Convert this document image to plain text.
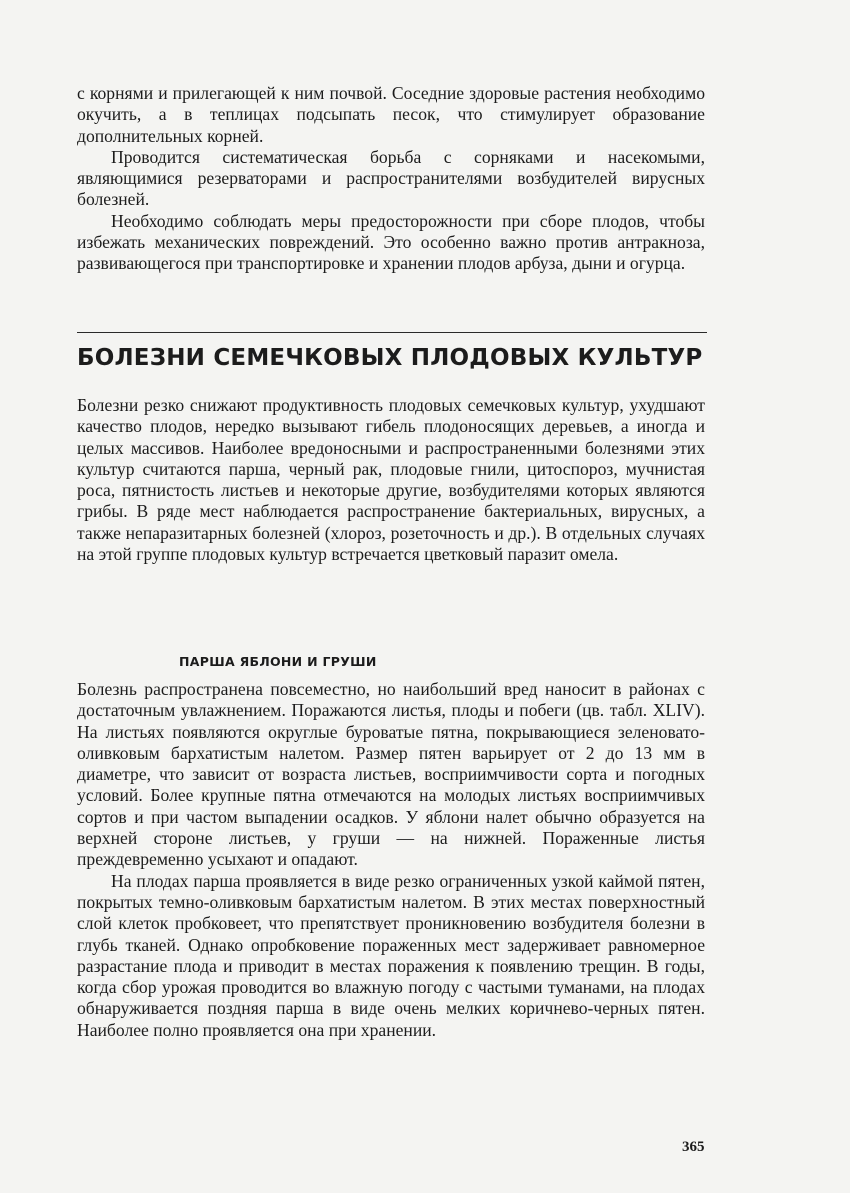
с корнями и прилегающей к ним почвой. Соседние здоровые растения необходимо окучить, а в теплицах подсыпать песок, что стимулирует образование дополнительных корней.

Проводится систематическая борьба с сорняками и насекомыми, являющимися резерваторами и распространителями возбудителей вирусных болезней.

Необходимо соблюдать меры предосторожности при сборе плодов, чтобы избежать механических повреждений. Это особенно важно против антракноза, развивающегося при транспортировке и хранении плодов арбуза, дыни и огурца.

БОЛЕЗНИ СЕМЕЧКОВЫХ ПЛОДОВЫХ КУЛЬТУР

Болезни резко снижают продуктивность плодовых семечковых культур, ухудшают качество плодов, нередко вызывают гибель плодоносящих деревьев, а иногда и целых массивов. Наиболее вредоносными и распространенными болезнями этих культур считаются парша, черный рак, плодовые гнили, цитоспороз, мучнистая роса, пятнистость листьев и некоторые другие, возбудителями которых являются грибы. В ряде мест наблюдается распространение бактериальных, вирусных, а также непаразитарных болезней (хлороз, розеточность и др.). В отдельных случаях на этой группе плодовых культур встречается цветковый паразит омела.

ПАРША ЯБЛОНИ И ГРУШИ

Болезнь распространена повсеместно, но наибольший вред наносит в районах с достаточным увлажнением. Поражаются листья, плоды и побеги (цв. табл. XLIV). На листьях появляются округлые буроватые пятна, покрывающиеся зеленовато-оливковым бархатистым налетом. Размер пятен варьирует от 2 до 13 мм в диаметре, что зависит от возраста листьев, восприимчивости сорта и погодных условий. Более крупные пятна отмечаются на молодых листьях восприимчивых сортов и при частом выпадении осадков. У яблони налет обычно образуется на верхней стороне листьев, у груши — на нижней. Пораженные листья преждевременно усыхают и опадают.

На плодах парша проявляется в виде резко ограниченных узкой каймой пятен, покрытых темно-оливковым бархатистым налетом. В этих местах поверхностный слой клеток пробковеет, что препятствует проникновению возбудителя болезни в глубь тканей. Однако опробковение пораженных мест задерживает равномерное разрастание плода и приводит в местах поражения к появлению трещин. В годы, когда сбор урожая проводится во влажную погоду с частыми туманами, на плодах обнаруживается поздняя парша в виде очень мелких коричнево-черных пятен. Наиболее полно проявляется она при хранении.

365
